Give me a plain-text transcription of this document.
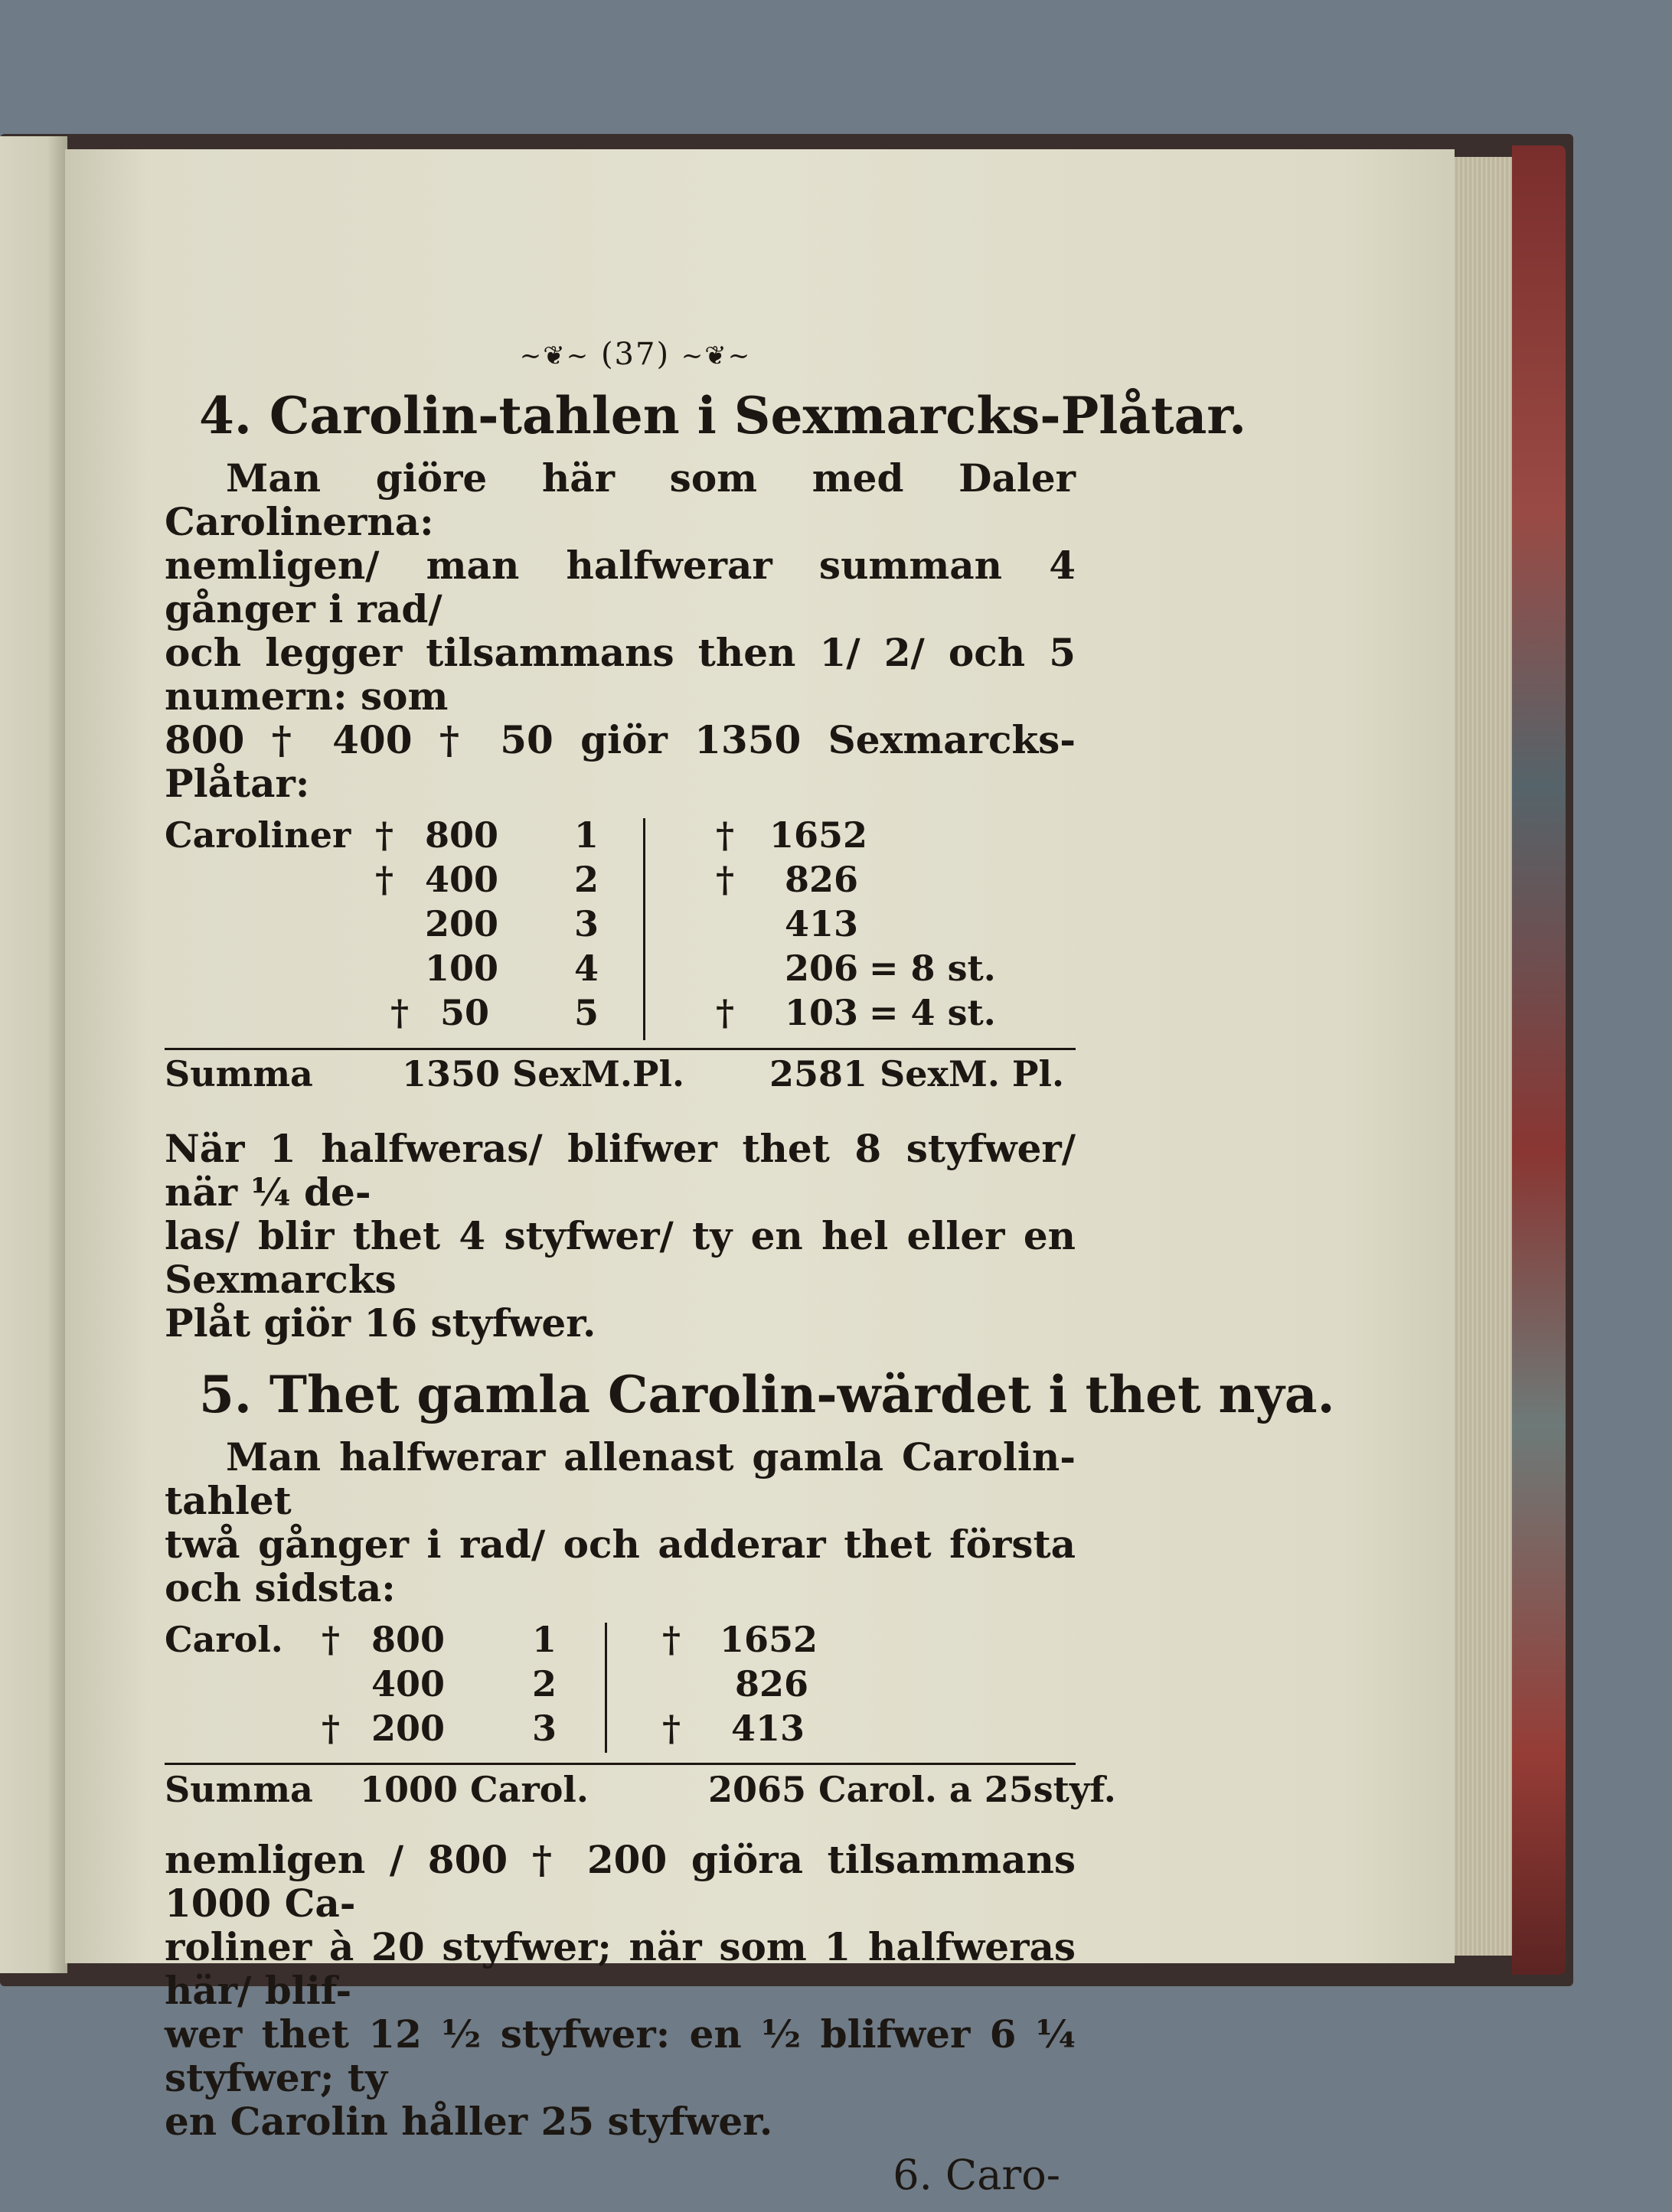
~❦~ (37) ~❦~
4. Carolin-tahlen i Sexmarcks-Plåtar.
Man giöre här som med Daler Carolinerna:
nemligen/ man halfwerar summan 4 gånger i rad/
och legger tilsammans then 1/ 2/ och 5 numern: som
800 † 400 † 50 giör 1350 Sexmarcks-Plåtar:
Caroliner † 800 1	† 1652
† 400 2	† 826
200 3	413
100 4	206 = 8 st.
† 50 5	† 103 = 4 st.
Summa	1350 SexM.Pl. 2581 SexM. Pl.
När 1 halfweras/ blifwer thet 8 styfwer/ när ¼ de-
las/ blir thet 4 styfwer/ ty en hel eller en Sexmarcks
Plåt giör 16 styfwer.
5. Thet gamla Carolin-wärdet i thet nya.
Man halfwerar allenast gamla Carolin-tahlet
twå gånger i rad/ och adderar thet första och sidsta:
Carol. † 800 1	† 1652
400 2	826
† 200 3	† 413
Summa 1000 Carol.	2065 Carol. a 25styf.
nemligen / 800 † 200 giöra tilsammans 1000 Ca-
roliner à 20 styfwer; när som 1 halfweras här/ blif-
wer thet 12 ½ styfwer: en ½ blifwer 6 ¼ styfwer; ty
en Carolin håller 25 styfwer.
6. Caro-
